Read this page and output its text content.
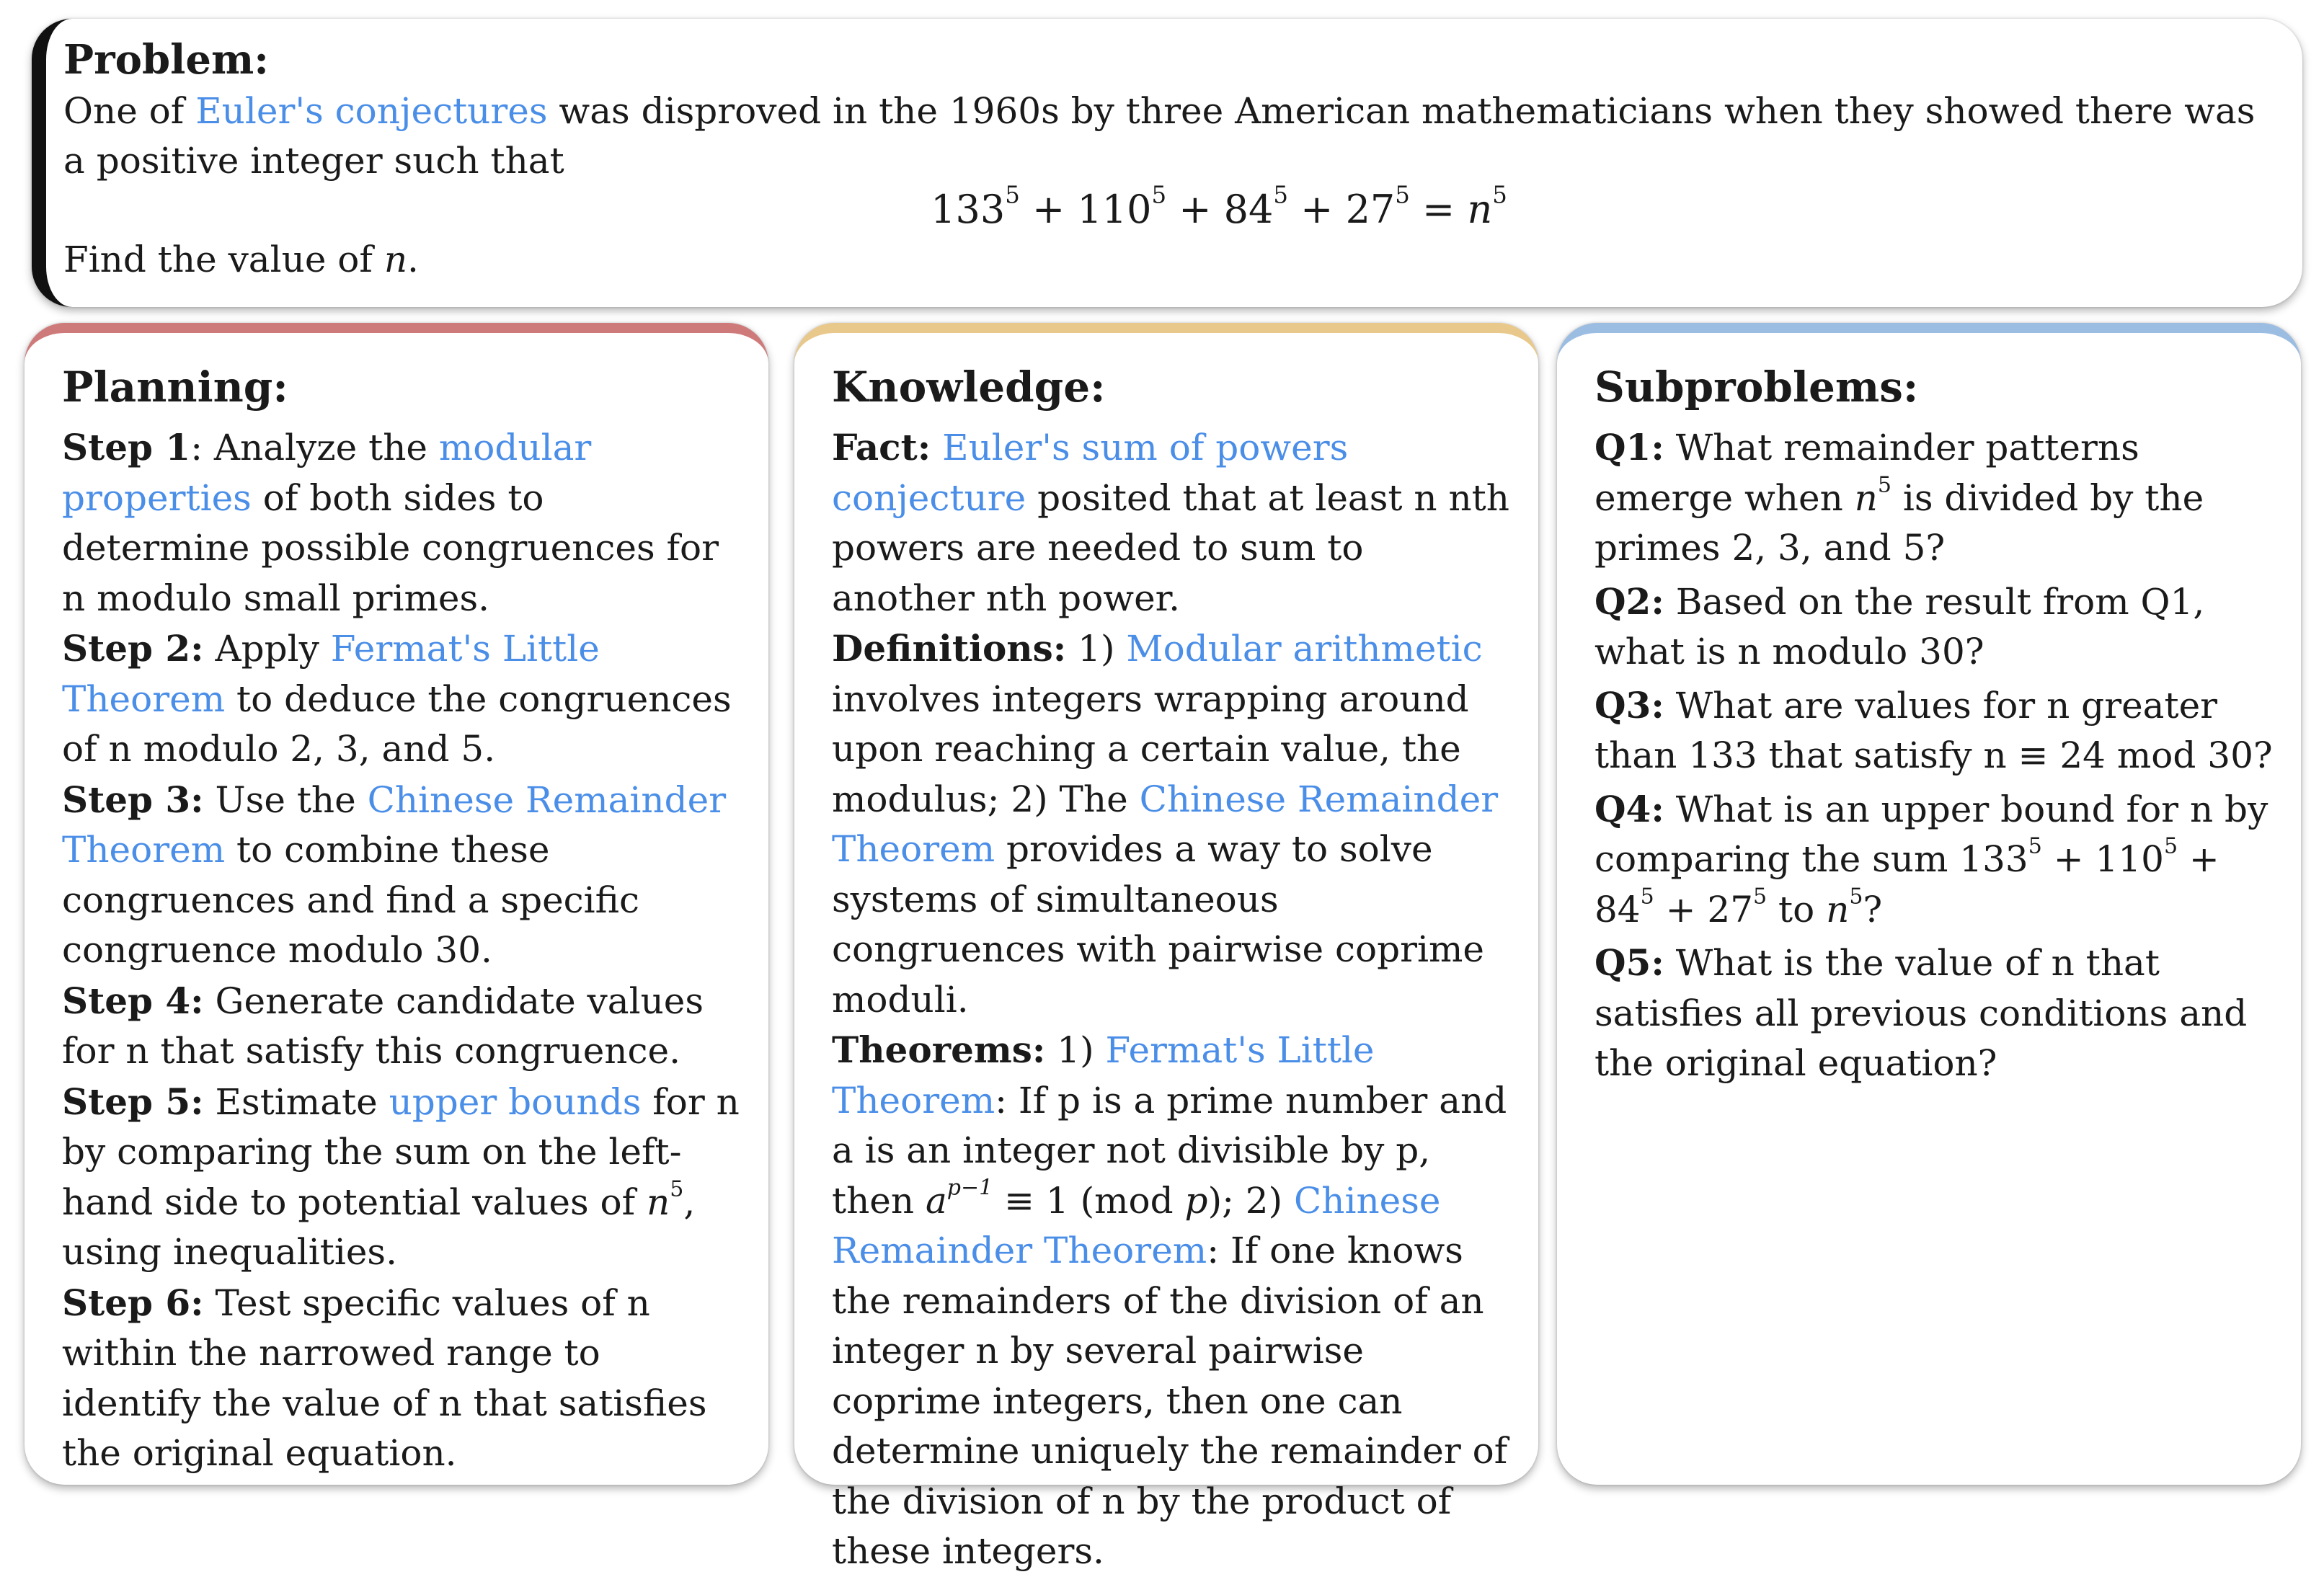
Problem:
One of Euler's conjectures was disproved in the 1960s by three American mathematicians when they showed there was a positive integer such that
$133^5 + 110^5 + 84^5 + 27^5 = n^5$
Find the value of n.
Planning:
Step 1: Analyze the modular properties of both sides to determine possible congruences for n modulo small primes.
Step 2: Apply Fermat's Little Theorem to deduce the congruences of n modulo 2, 3, and 5.
Step 3: Use the Chinese Remainder Theorem to combine these congruences and find a specific congruence modulo 30.
Step 4: Generate candidate values for n that satisfy this congruence.
Step 5: Estimate upper bounds for n by comparing the sum on the left-hand side to potential values of $n^5$, using inequalities.
Step 6: Test specific values of n within the narrowed range to identify the value of n that satisfies the original equation.
Knowledge:
Fact: Euler's sum of powers conjecture posited that at least n nth powers are needed to sum to another nth power.
Definitions: 1) Modular arithmetic involves integers wrapping around upon reaching a certain value, the modulus; 2) The Chinese Remainder Theorem provides a way to solve systems of simultaneous congruences with pairwise coprime moduli.
Theorems: 1) Fermat's Little Theorem: If p is a prime number and a is an integer not divisible by p, then $a^{p-1} \equiv 1$ (mod p); 2) Chinese Remainder Theorem: If one knows the remainders of the division of an integer n by several pairwise coprime integers, then one can determine uniquely the remainder of the division of n by the product of these integers.
Subproblems:
Q1: What remainder patterns emerge when $n^5$ is divided by the primes 2, 3, and 5?
Q2: Based on the result from Q1, what is n modulo 30?
Q3: What are values for n greater than 133 that satisfy n ≡ 24 mod 30?
Q4: What is an upper bound for n by comparing the sum $133^5 + 110^5 + 84^5 + 27^5$ to $n^5$?
Q5: What is the value of n that satisfies all previous conditions and the original equation?
